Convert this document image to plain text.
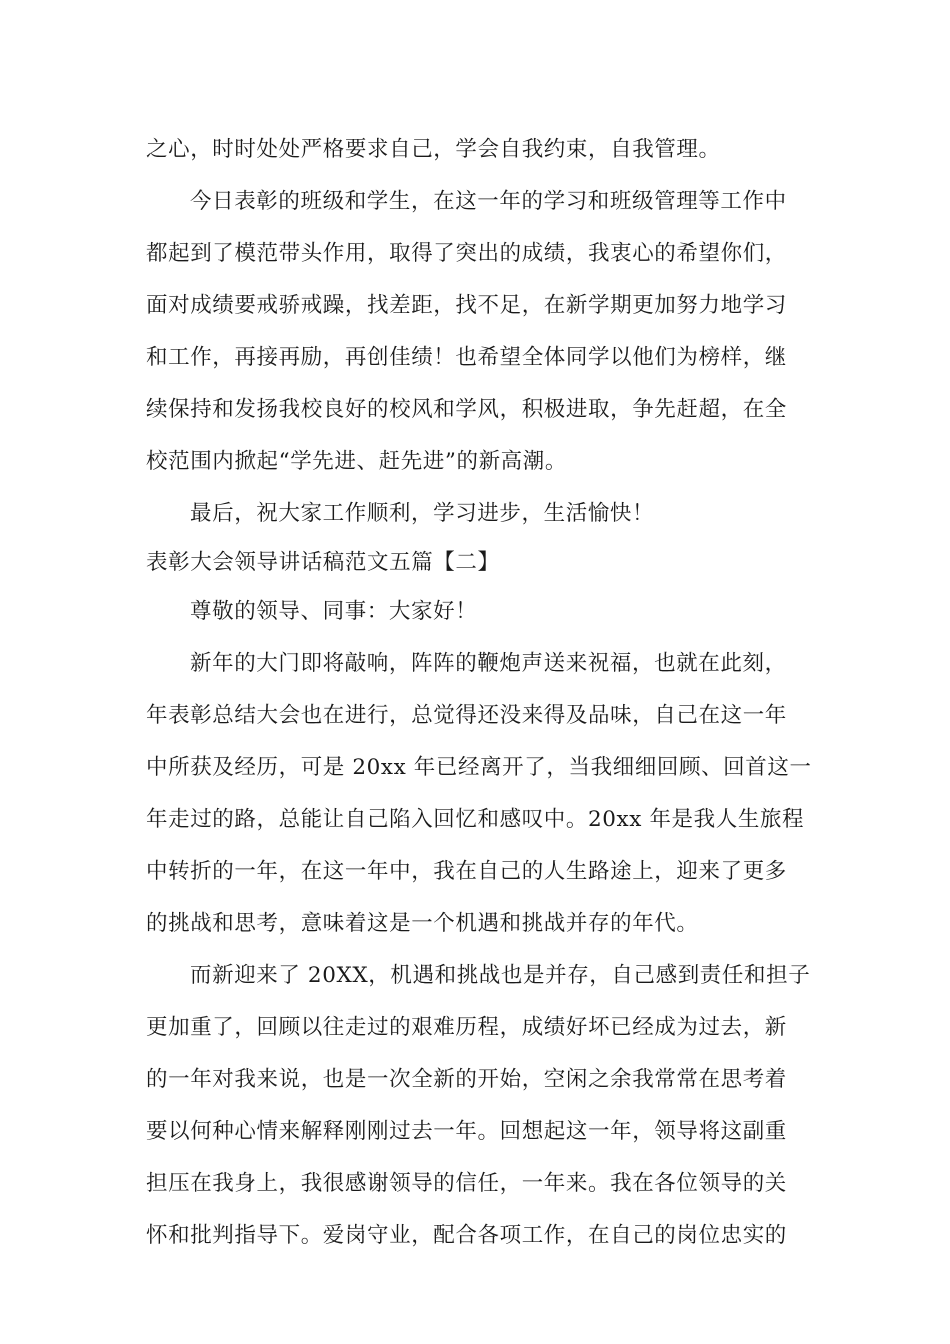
之心，时时处处严格要求自己，学会自我约束，自我管理。
今日表彰的班级和学生，在这一年的学习和班级管理等工作中
都起到了模范带头作用，取得了突出的成绩，我衷心的希望你们，
面对成绩要戒骄戒躁，找差距，找不足，在新学期更加努力地学习
和工作，再接再励，再创佳绩！也希望全体同学以他们为榜样，继
续保持和发扬我校良好的校风和学风，积极进取，争先赶超，在全
校范围内掀起“学先进、赶先进”的新高潮。
最后，祝大家工作顺利，学习进步，生活愉快！
表彰大会领导讲话稿范文五篇【二】
尊敬的领导、同事：大家好！
新年的大门即将敲响，阵阵的鞭炮声送来祝福，也就在此刻，
年表彰总结大会也在进行，总觉得还没来得及品味，自己在这一年
中所获及经历，可是 20xx 年已经离开了，当我细细回顾、回首这一
年走过的路，总能让自己陷入回忆和感叹中。20xx 年是我人生旅程
中转折的一年，在这一年中，我在自己的人生路途上，迎来了更多
的挑战和思考，意味着这是一个机遇和挑战并存的年代。
而新迎来了 20XX，机遇和挑战也是并存，自己感到责任和担子
更加重了，回顾以往走过的艰难历程，成绩好坏已经成为过去，新
的一年对我来说，也是一次全新的开始，空闲之余我常常在思考着
要以何种心情来解释刚刚过去一年。回想起这一年，领导将这副重
担压在我身上，我很感谢领导的信任，一年来。我在各位领导的关
怀和批判指导下。爱岗守业，配合各项工作，在自己的岗位忠实的
